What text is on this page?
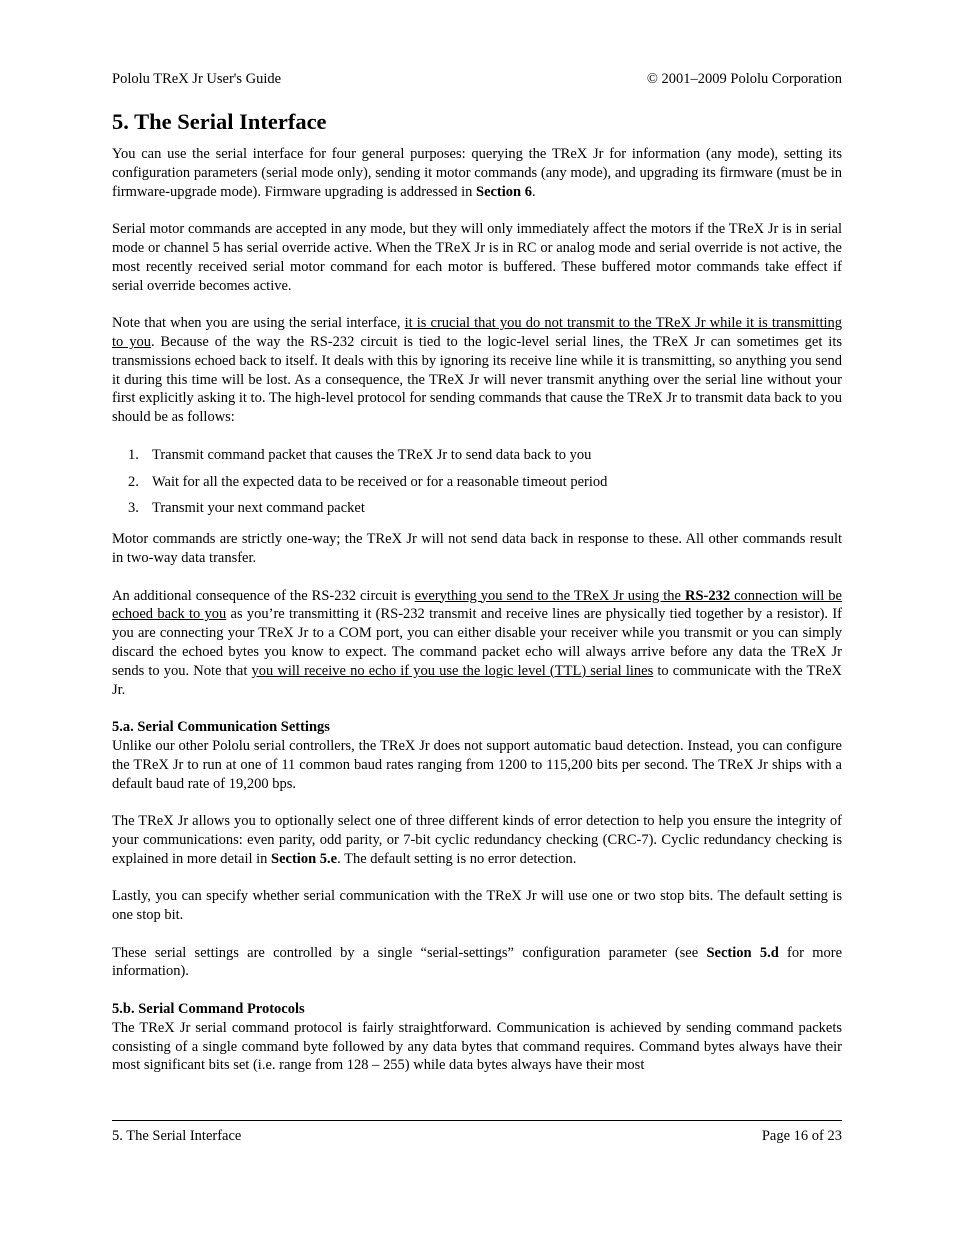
Pololu TReX Jr User's Guide	© 2001–2009 Pololu Corporation
5. The Serial Interface

You can use the serial interface for four general purposes: querying the TReX Jr for information (any mode), setting its configuration parameters (serial mode only), sending it motor commands (any mode), and upgrading its firmware (must be in firmware-upgrade mode). Firmware upgrading is addressed in Section 6.

Serial motor commands are accepted in any mode, but they will only immediately affect the motors if the TReX Jr is in serial mode or channel 5 has serial override active. When the TReX Jr is in RC or analog mode and serial override is not active, the most recently received serial motor command for each motor is buffered. These buffered motor commands take effect if serial override becomes active.

Note that when you are using the serial interface, it is crucial that you do not transmit to the TReX Jr while it is transmitting to you. Because of the way the RS-232 circuit is tied to the logic-level serial lines, the TReX Jr can sometimes get its transmissions echoed back to itself. It deals with this by ignoring its receive line while it is transmitting, so anything you send it during this time will be lost. As a consequence, the TReX Jr will never transmit anything over the serial line without your first explicitly asking it to. The high-level protocol for sending commands that cause the TReX Jr to transmit data back to you should be as follows:

1. Transmit command packet that causes the TReX Jr to send data back to you
2. Wait for all the expected data to be received or for a reasonable timeout period
3. Transmit your next command packet

Motor commands are strictly one-way; the TReX Jr will not send data back in response to these. All other commands result in two-way data transfer.

An additional consequence of the RS-232 circuit is everything you send to the TReX Jr using the RS-232 connection will be echoed back to you as you’re transmitting it (RS-232 transmit and receive lines are physically tied together by a resistor). If you are connecting your TReX Jr to a COM port, you can either disable your receiver while you transmit or you can simply discard the echoed bytes you know to expect. The command packet echo will always arrive before any data the TReX Jr sends to you. Note that you will receive no echo if you use the logic level (TTL) serial lines to communicate with the TReX Jr.

5.a. Serial Communication Settings

Unlike our other Pololu serial controllers, the TReX Jr does not support automatic baud detection. Instead, you can configure the TReX Jr to run at one of 11 common baud rates ranging from 1200 to 115,200 bits per second. The TReX Jr ships with a default baud rate of 19,200 bps.

The TReX Jr allows you to optionally select one of three different kinds of error detection to help you ensure the integrity of your communications: even parity, odd parity, or 7-bit cyclic redundancy checking (CRC-7). Cyclic redundancy checking is explained in more detail in Section 5.e. The default setting is no error detection.

Lastly, you can specify whether serial communication with the TReX Jr will use one or two stop bits. The default setting is one stop bit.

These serial settings are controlled by a single “serial-settings” configuration parameter (see Section 5.d for more information).

5.b. Serial Command Protocols

The TReX Jr serial command protocol is fairly straightforward. Communication is achieved by sending command packets consisting of a single command byte followed by any data bytes that command requires. Command bytes always have their most significant bits set (i.e. range from 128 – 255) while data bytes always have their most

5. The Serial Interface	Page 16 of 23
